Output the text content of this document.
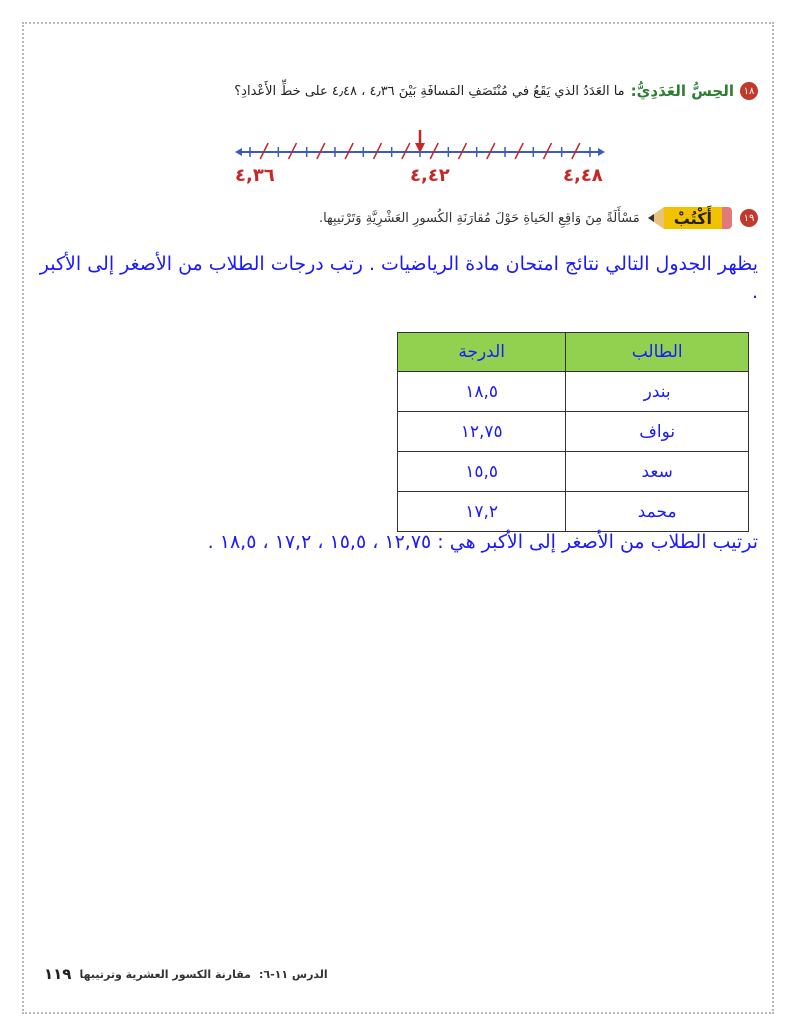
١٨
الحِسُّ العَدَدِيُّ:
ما العَدَدُ الذي يَقَعُ في مُنْتَصَفِ المَسافَةِ بَيْنَ ٤٫٣٦ ، ٤٫٤٨ على خطِّ الأَعْدادِ؟
٤,٣٦	٤,٤٢	٤,٤٨
١٩
أَكْتُبْ
مَسْأَلَةً مِنَ وَاقِعِ الحَياةِ حَوْلَ مُقارَنَةِ الكُسورِ العَشْرِيَّةِ وَتَرْتيبِها.
يظهر الجدول التالي نتائج امتحان مادة الرياضيات . رتب درجات الطلاب من الأصغر إلى الأكبر .
الطالب	الدرجة
بندر	١٨,٥
نواف	١٢,٧٥
سعد	١٥,٥
محمد	١٧,٢
ترتيب الطلاب من الأصغر إلى الأكبر هي : ١٢,٧٥ ، ١٥,٥ ، ١٧,٢ ، ١٨,٥ .
الدرس ١١-٦:
مقارنة الكسور العشرية وترتيبها
١١٩
